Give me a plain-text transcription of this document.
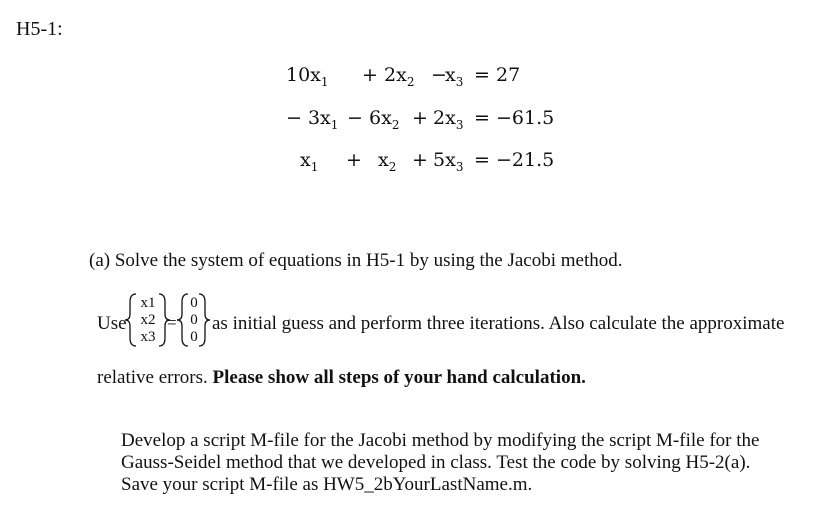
H5-1:
$10x_1 + 2x_2$ −
$x_3 = 27$
− $3x_1 - 6x_2 + 2x_3 = -61.5$
$x_1 + x_2 + 5x_3 = -21.5$
(a) Solve the system of equations in H5-1 by using the Jacobi method.
Use
x1
x2
x3
=
0
0
0
as initial guess and perform three iterations. Also calculate the approximate
relative errors. Please show all steps of your hand calculation.
Develop a script M-file for the Jacobi method by modifying the script M-file for the
Gauss-Seidel method that we developed in class. Test the code by solving H5-2(a).
Save your script M-file as HW5_2bYourLastName.m.
